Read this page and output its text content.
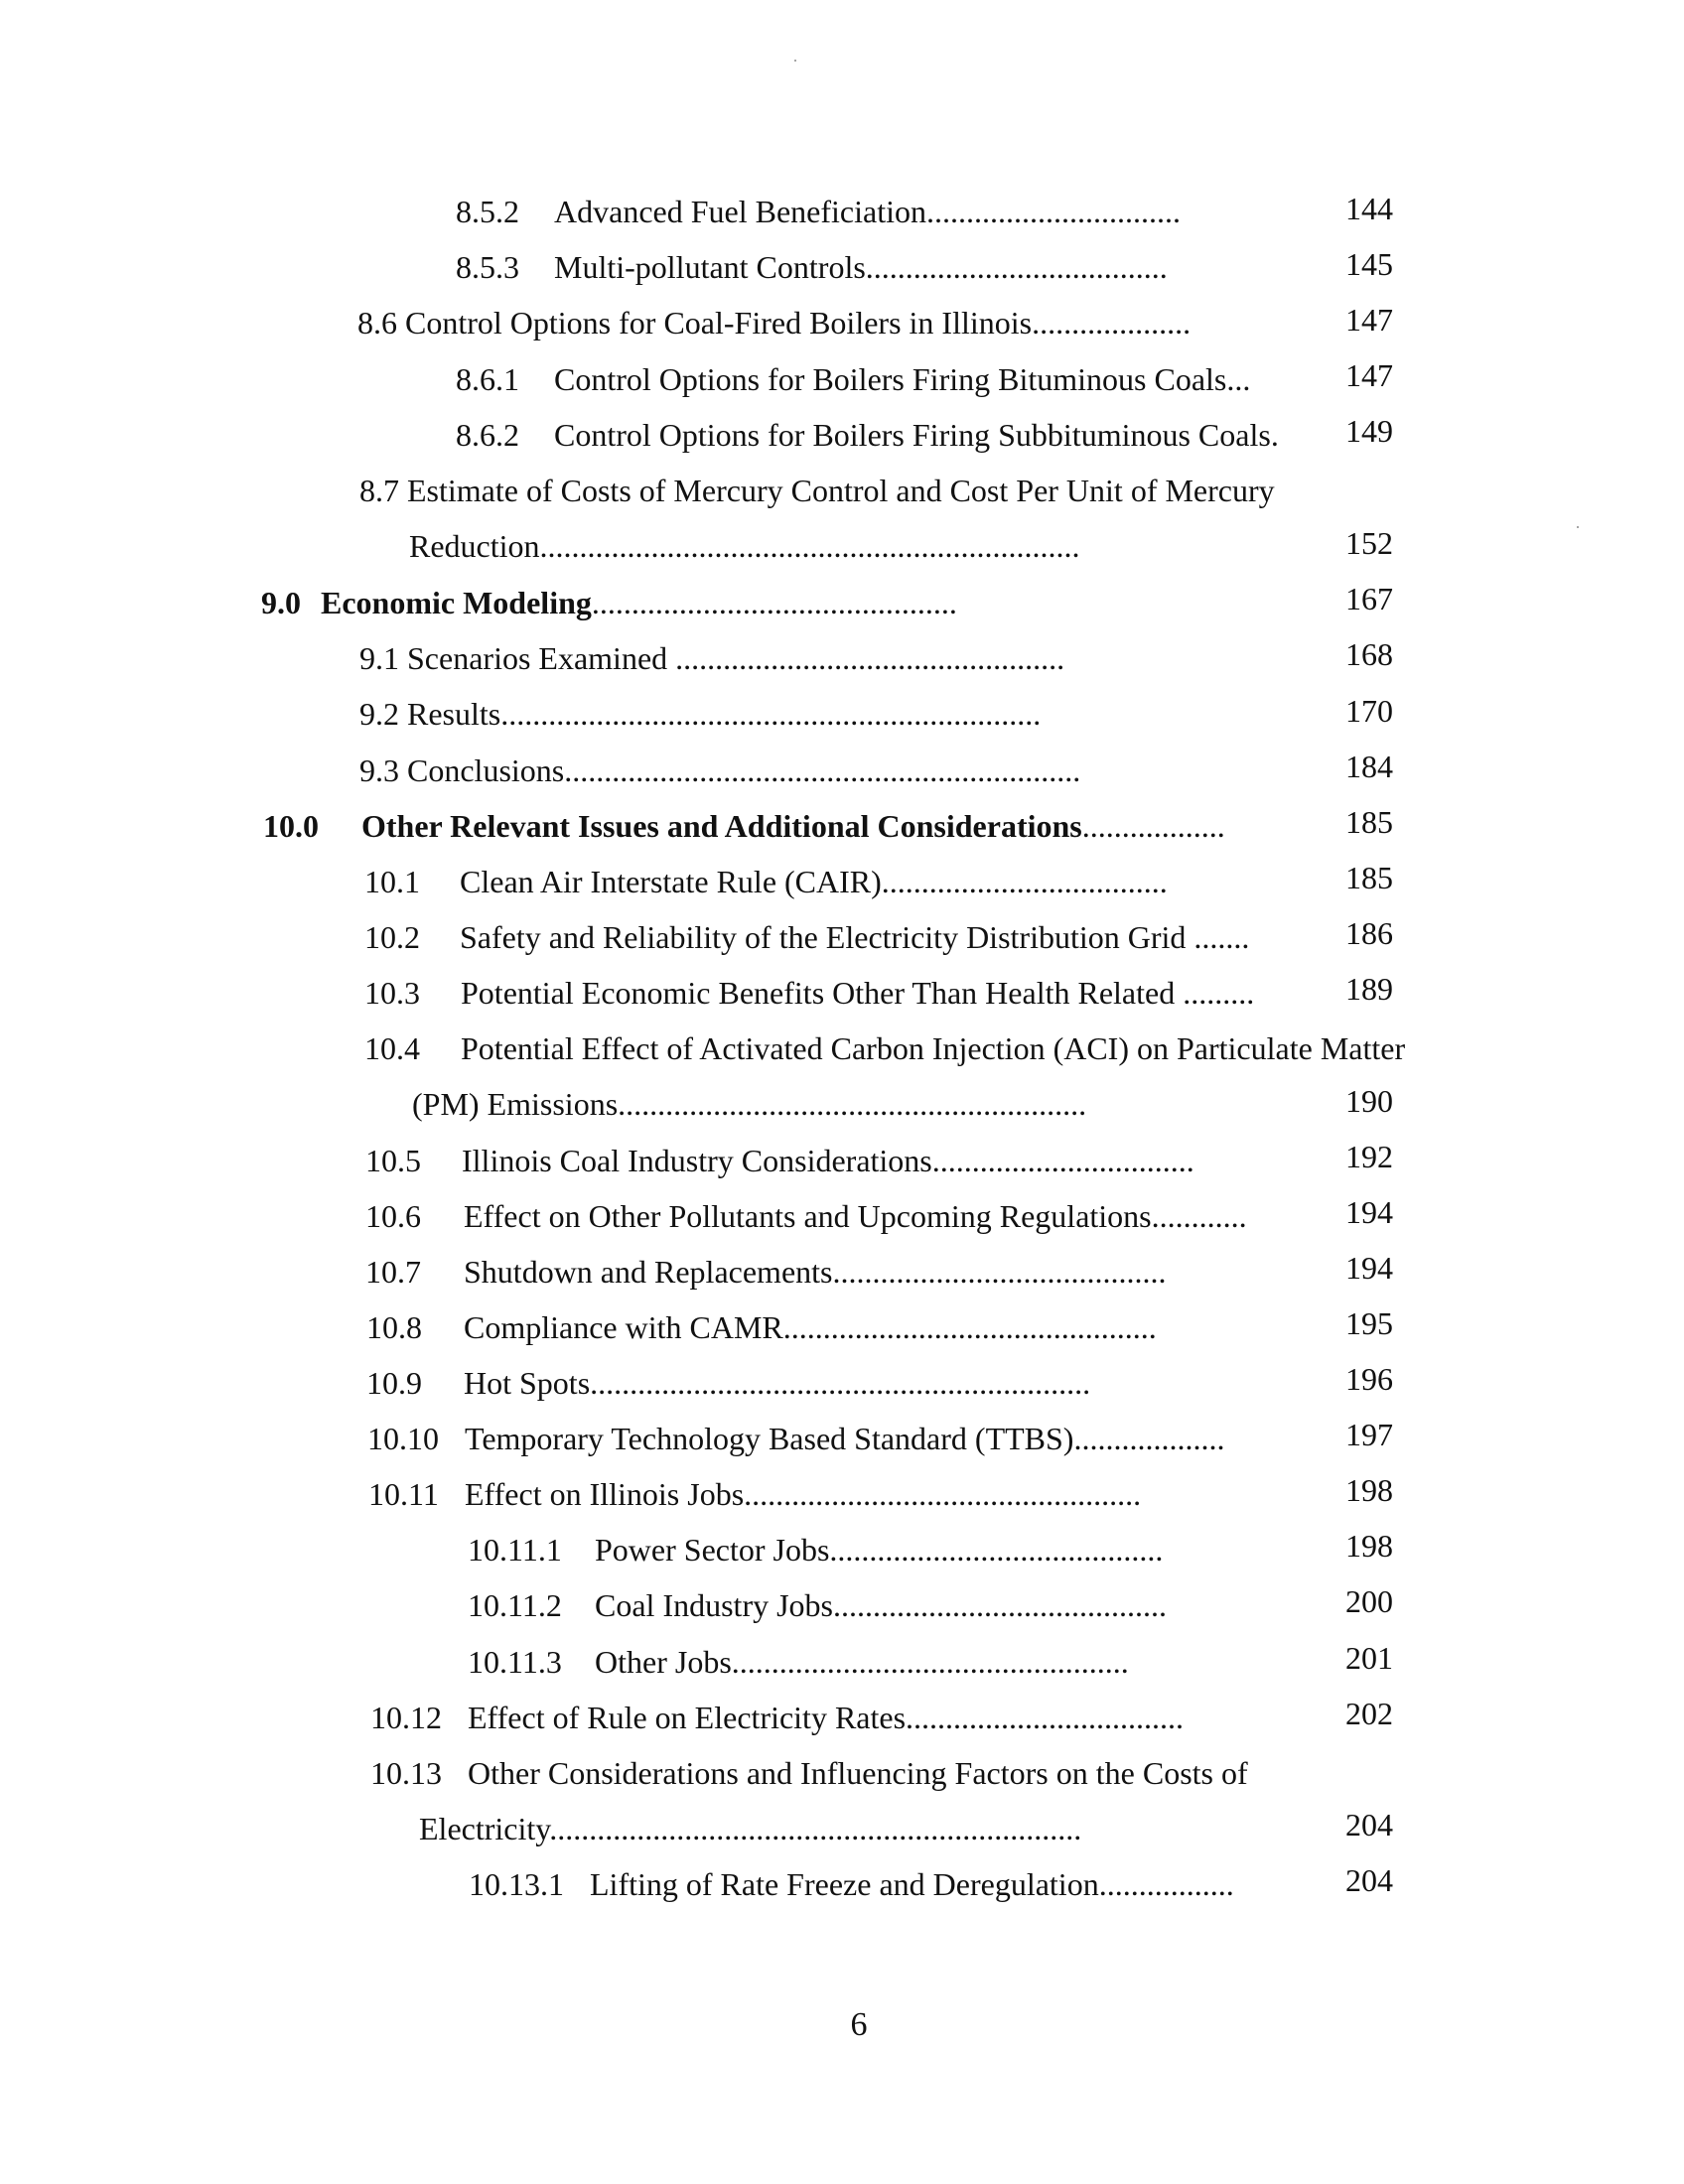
8.5.2 Advanced Fuel Beneficiation................................	144
8.5.3 Multi-pollutant Controls......................................	145
8.6 Control Options for Coal-Fired Boilers in Illinois....................	147
8.6.1 Control Options for Boilers Firing Bituminous Coals...	147
8.6.2 Control Options for Boilers Firing Subbituminous Coals. 149
8.7 Estimate of Costs of Mercury Control and Cost Per Unit of Mercury
Reduction....................................................................	152
9.0 Economic Modeling..............................................	167
9.1 Scenarios Examined .................................................	168
9.2 Results....................................................................	170
9.3 Conclusions.................................................................	184
10.0 Other Relevant Issues and Additional Considerations..................	185
10.1 Clean Air Interstate Rule (CAIR)....................................	185
10.2 Safety and Reliability of the Electricity Distribution Grid .......	186
10.3 Potential Economic Benefits Other Than Health Related .........	189
10.4 Potential Effect of Activated Carbon Injection (ACI) on Particulate Matter
(PM) Emissions...........................................................	190
10.5 Illinois Coal Industry Considerations.................................	192
10.6 Effect on Other Pollutants and Upcoming Regulations............	194
10.7 Shutdown and Replacements..........................................	194
10.8 Compliance with CAMR...............................................	195
10.9 Hot Spots...............................................................	196
10.10 Temporary Technology Based Standard (TTBS)...................	197
10.11 Effect on Illinois Jobs..................................................	198
10.11.1 Power Sector Jobs..........................................	198
10.11.2 Coal Industry Jobs..........................................	200
10.11.3 Other Jobs..................................................	201
10.12 Effect of Rule on Electricity Rates...................................	202
10.13 Other Considerations and Influencing Factors on the Costs of
Electricity...................................................................	204
10.13.1 Lifting of Rate Freeze and Deregulation.................	204
6
